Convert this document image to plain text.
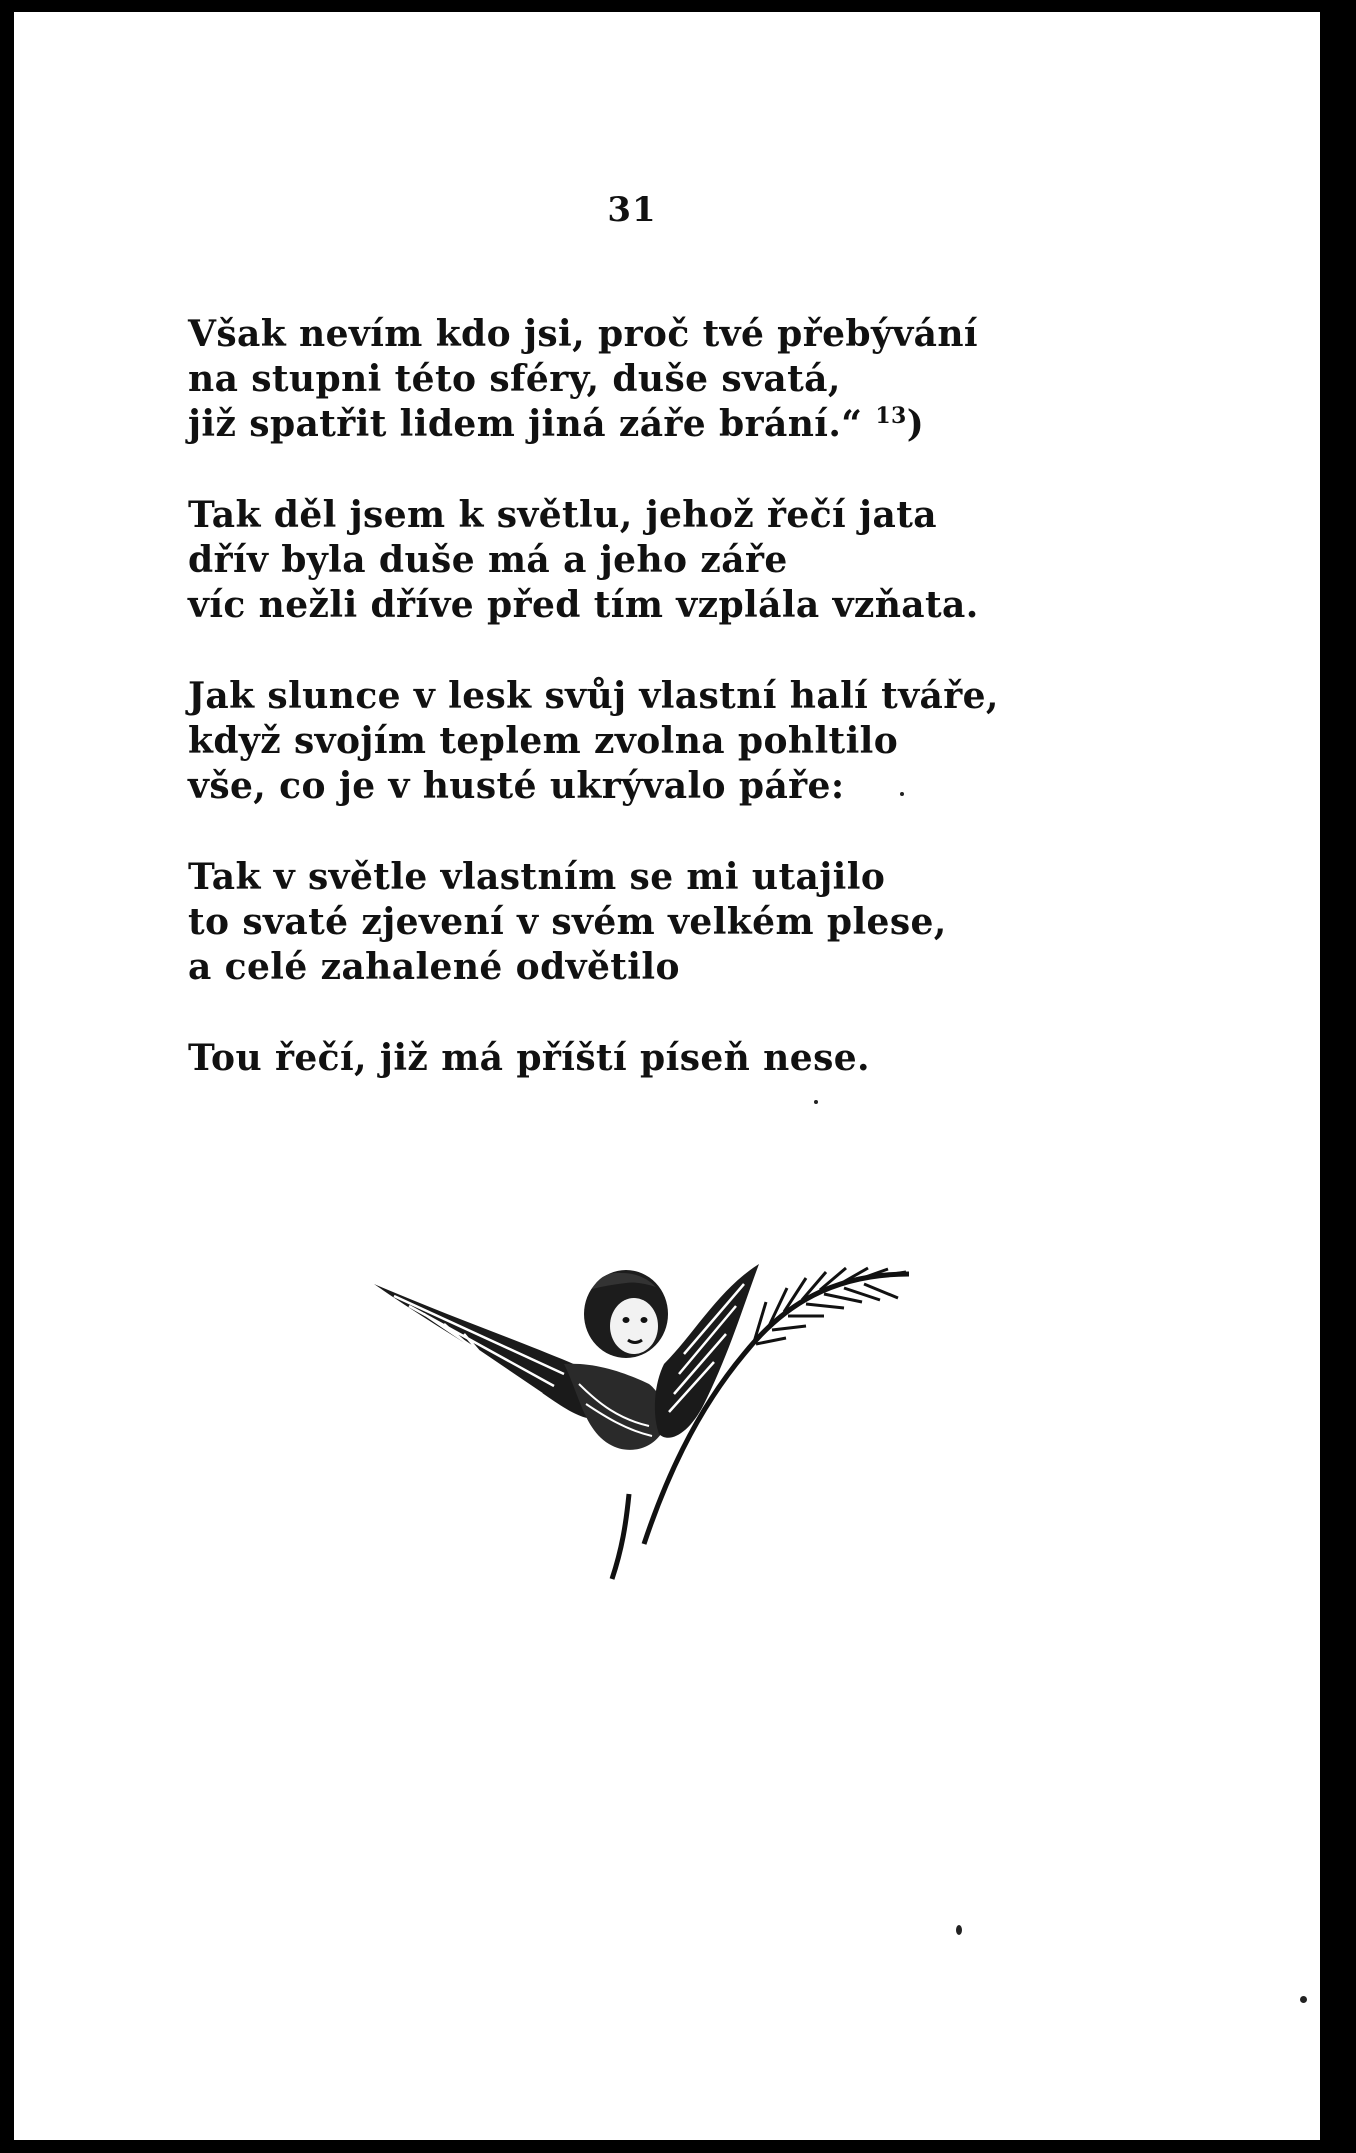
31
Však nevím kdo jsi, proč tvé přebývání
na stupni této sféry, duše svatá,
již spatřit lidem jiná záře brání.“ $^{13}$)
Tak děl jsem k světlu, jehož řečí jata
dřív byla duše má a jeho záře
víc nežli dříve před tím vzplála vzňata.
Jak slunce v lesk svůj vlastní halí tváře,
když svojím teplem zvolna pohltilo
vše, co je v husté ukrývalo páře:
Tak v světle vlastním se mi utajilo
to svaté zjevení v svém velkém plese,
a celé zahalené odvětilo
Tou řečí, již má příští píseň nese.
